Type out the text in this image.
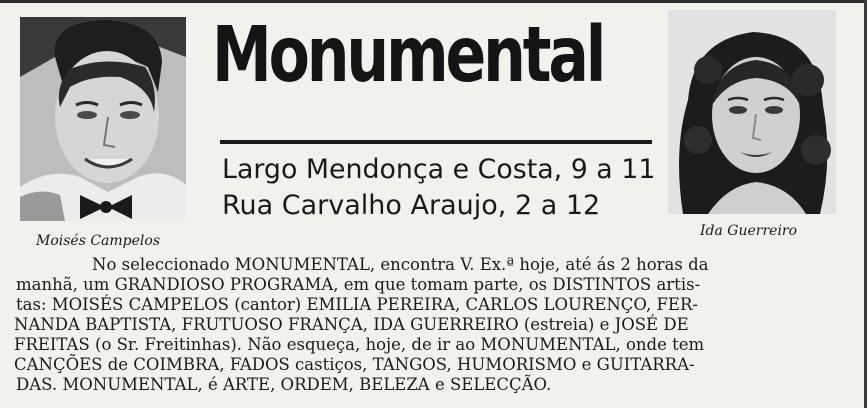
Moisés Campelos
Monumental
Largo Mendonça e Costa, 9 a 11
Rua Carvalho Araujo, 2 a 12
Ida Guerreiro
No seleccionado MONUMENTAL, encontra V. Ex.ª hoje, até ás 2 horas da
manhã, um GRANDIOSO PROGRAMA, em que tomam parte, os DISTINTOS artis-
tas: MOISÉS CAMPELOS (cantor) EMILIA PEREIRA, CARLOS LOURENÇO, FER-
NANDA BAPTISTA, FRUTUOSO FRANÇA, IDA GUERREIRO (estreia) e JOSÉ DE
FREITAS (o Sr. Freitinhas). Não esqueça, hoje, de ir ao MONUMENTAL, onde tem
CANÇÕES de COIMBRA, FADOS castiços, TANGOS, HUMORISMO e GUITARRA-
DAS. MONUMENTAL, é ARTE, ORDEM, BELEZA e SELECÇÃO.
